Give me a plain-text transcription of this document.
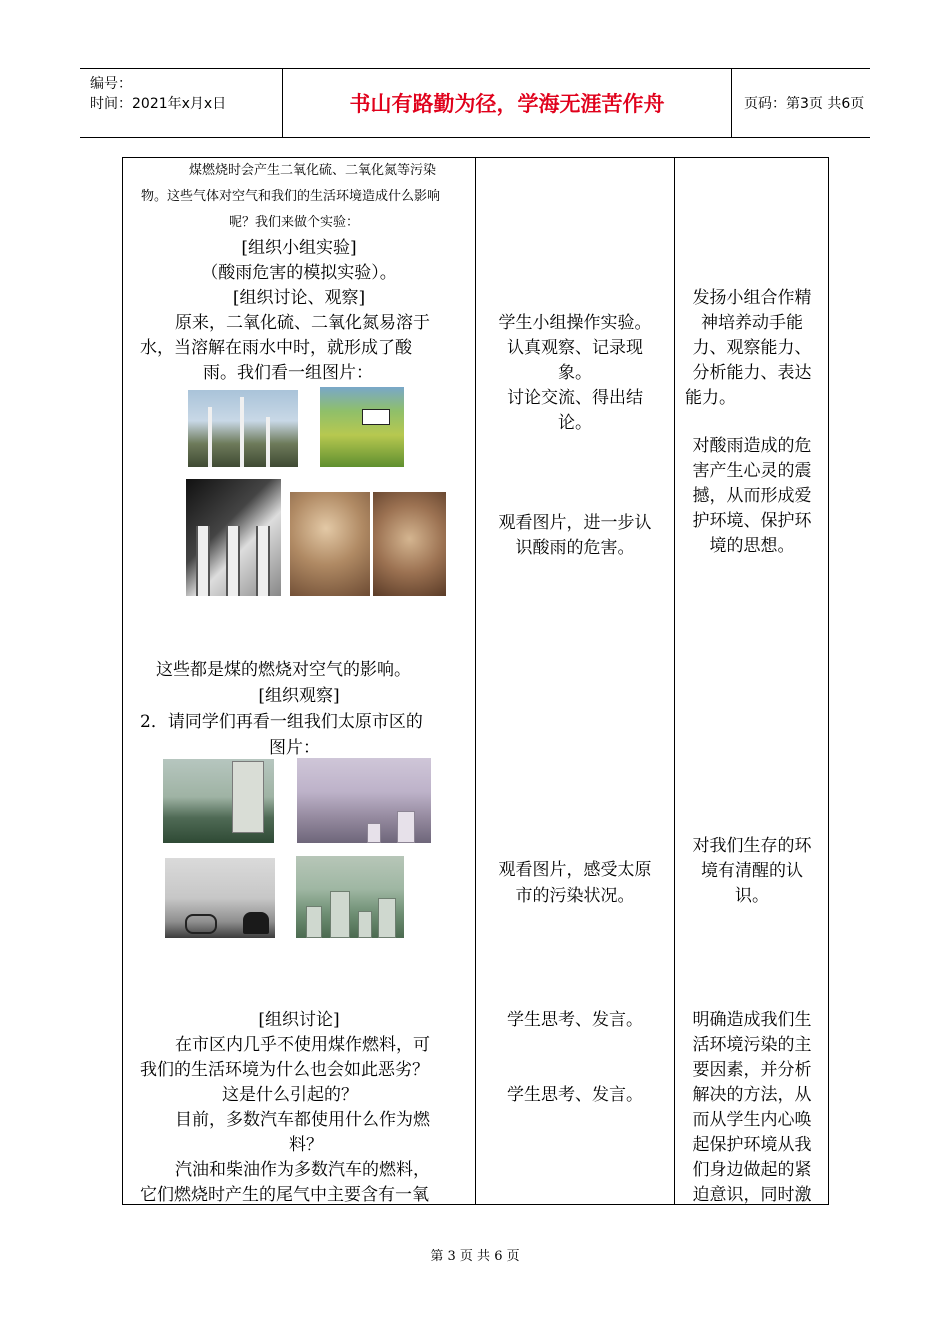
编号：
时间：2021年x月x日	书山有路勤为径，学海无涯苦作舟	页码：第3页 共6页
煤燃烧时会产生二氧化硫、二氧化氮等污染
物。这些气体对空气和我们的生活环境造成什么影响
呢？我们来做个实验：
[组织小组实验]
（酸雨危害的模拟实验）。
[组织讨论、观察]
原来，二氧化硫、二氧化氮易溶于
水，当溶解在雨水中时，就形成了酸
雨。我们看一组图片：
这些都是煤的燃烧对空气的影响。
[组织观察]
2．请同学们再看一组我们太原市区的
图片：
[组织讨论]
在市区内几乎不使用煤作燃料，可
我们的生活环境为什么也会如此恶劣？
这是什么引起的？
目前，多数汽车都使用什么作为燃
料？
汽油和柴油作为多数汽车的燃料，
它们燃烧时产生的尾气中主要含有一氧
学生小组操作实验。
认真观察、记录现
象。
讨论交流、得出结
论。
观看图片，进一步认
识酸雨的危害。
观看图片，感受太原
市的污染状况。
学生思考、发言。
学生思考、发言。
发扬小组合作精
神培养动手能
力、观察能力、
分析能力、表达
能力。
对酸雨造成的危
害产生心灵的震
撼，从而形成爱
护环境、保护环
境的思想。
对我们生存的环
境有清醒的认
识。
明确造成我们生
活环境污染的主
要因素，并分析
解决的方法，从
而从学生内心唤
起保护环境从我
们身边做起的紧
迫意识，同时激
第 3 页 共 6 页
